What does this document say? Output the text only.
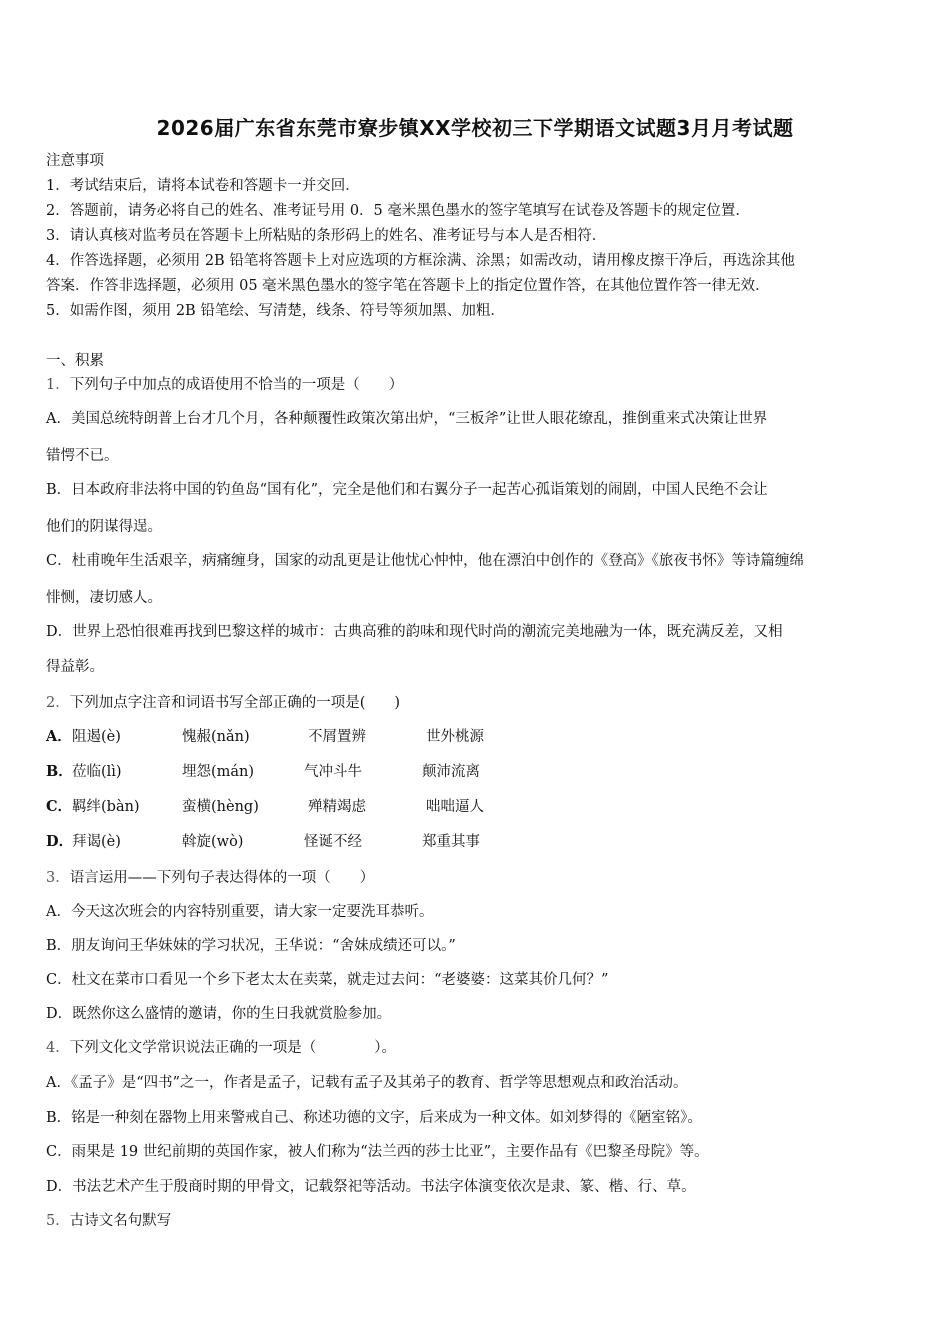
2026届广东省东莞市寮步镇XX学校初三下学期语文试题3月月考试题
注意事项
1．考试结束后，请将本试卷和答题卡一并交回．
2．答题前，请务必将自己的姓名、准考证号用 0．5 毫米黑色墨水的签字笔填写在试卷及答题卡的规定位置．
3．请认真核对监考员在答题卡上所粘贴的条形码上的姓名、准考证号与本人是否相符．
4．作答选择题，必须用 2B 铅笔将答题卡上对应选项的方框涂满、涂黑；如需改动，请用橡皮擦干净后，再选涂其他
答案．作答非选择题，必须用 05 毫米黑色墨水的签字笔在答题卡上的指定位置作答，在其他位置作答一律无效．
5．如需作图，须用 2B 铅笔绘、写清楚，线条、符号等须加黑、加粗．
一、积累
1．下列句子中加点的成语使用不恰当的一项是（　　）
A．美国总统特朗普上台才几个月，各种颠覆性政策次第出炉，“三板斧”让世人眼花缭乱，推倒重来式决策让世界
错愕不已。
B．日本政府非法将中国的钓鱼岛“国有化”，完全是他们和右翼分子一起苦心孤诣策划的闹剧，中国人民绝不会让
他们的阴谋得逞。
C．杜甫晚年生活艰辛，病痛缠身，国家的动乱更是让他忧心忡忡，他在漂泊中创作的《登高》《旅夜书怀》等诗篇缠绵
悱恻，凄切感人。
D．世界上恐怕很难再找到巴黎这样的城市：古典高雅的韵味和现代时尚的潮流完美地融为一体，既充满反差，又相
得益彰。
2．下列加点字注音和词语书写全部正确的一项是(　　)
A．阻遏(è)	愧赧(nǎn)	不屑置辨	世外桃源
B．莅临(lì)	埋怨(mán)	气冲斗牛	颠沛流离
C．羁绊(bàn)	蛮横(hèng)	殚精竭虑	咄咄逼人
D．拜谒(è)	斡旋(wò)	怪诞不经	郑重其事
3．语言运用——下列句子表达得体的一项（　　）
A．今天这次班会的内容特别重要，请大家一定要洗耳恭听。
B．朋友询问王华妹妹的学习状况，王华说：“舍妹成绩还可以。”
C．杜文在菜市口看见一个乡下老太太在卖菜，就走过去问：“老婆婆：这菜其价几何？”
D．既然你这么盛情的邀请，你的生日我就赏脸参加。
4．下列文化文学常识说法正确的一项是（　　　　）。
A．《孟子》是“四书”之一，作者是孟子，记载有孟子及其弟子的教育、哲学等思想观点和政治活动。
B．铭是一种刻在器物上用来警戒自己、称述功德的文字，后来成为一种文体。如刘梦得的《陋室铭》。
C．雨果是 19 世纪前期的英国作家，被人们称为“法兰西的莎士比亚”，主要作品有《巴黎圣母院》等。
D．书法艺术产生于殷商时期的甲骨文，记载祭祀等活动。书法字体演变依次是隶、篆、楷、行、草。
5．古诗文名句默写
